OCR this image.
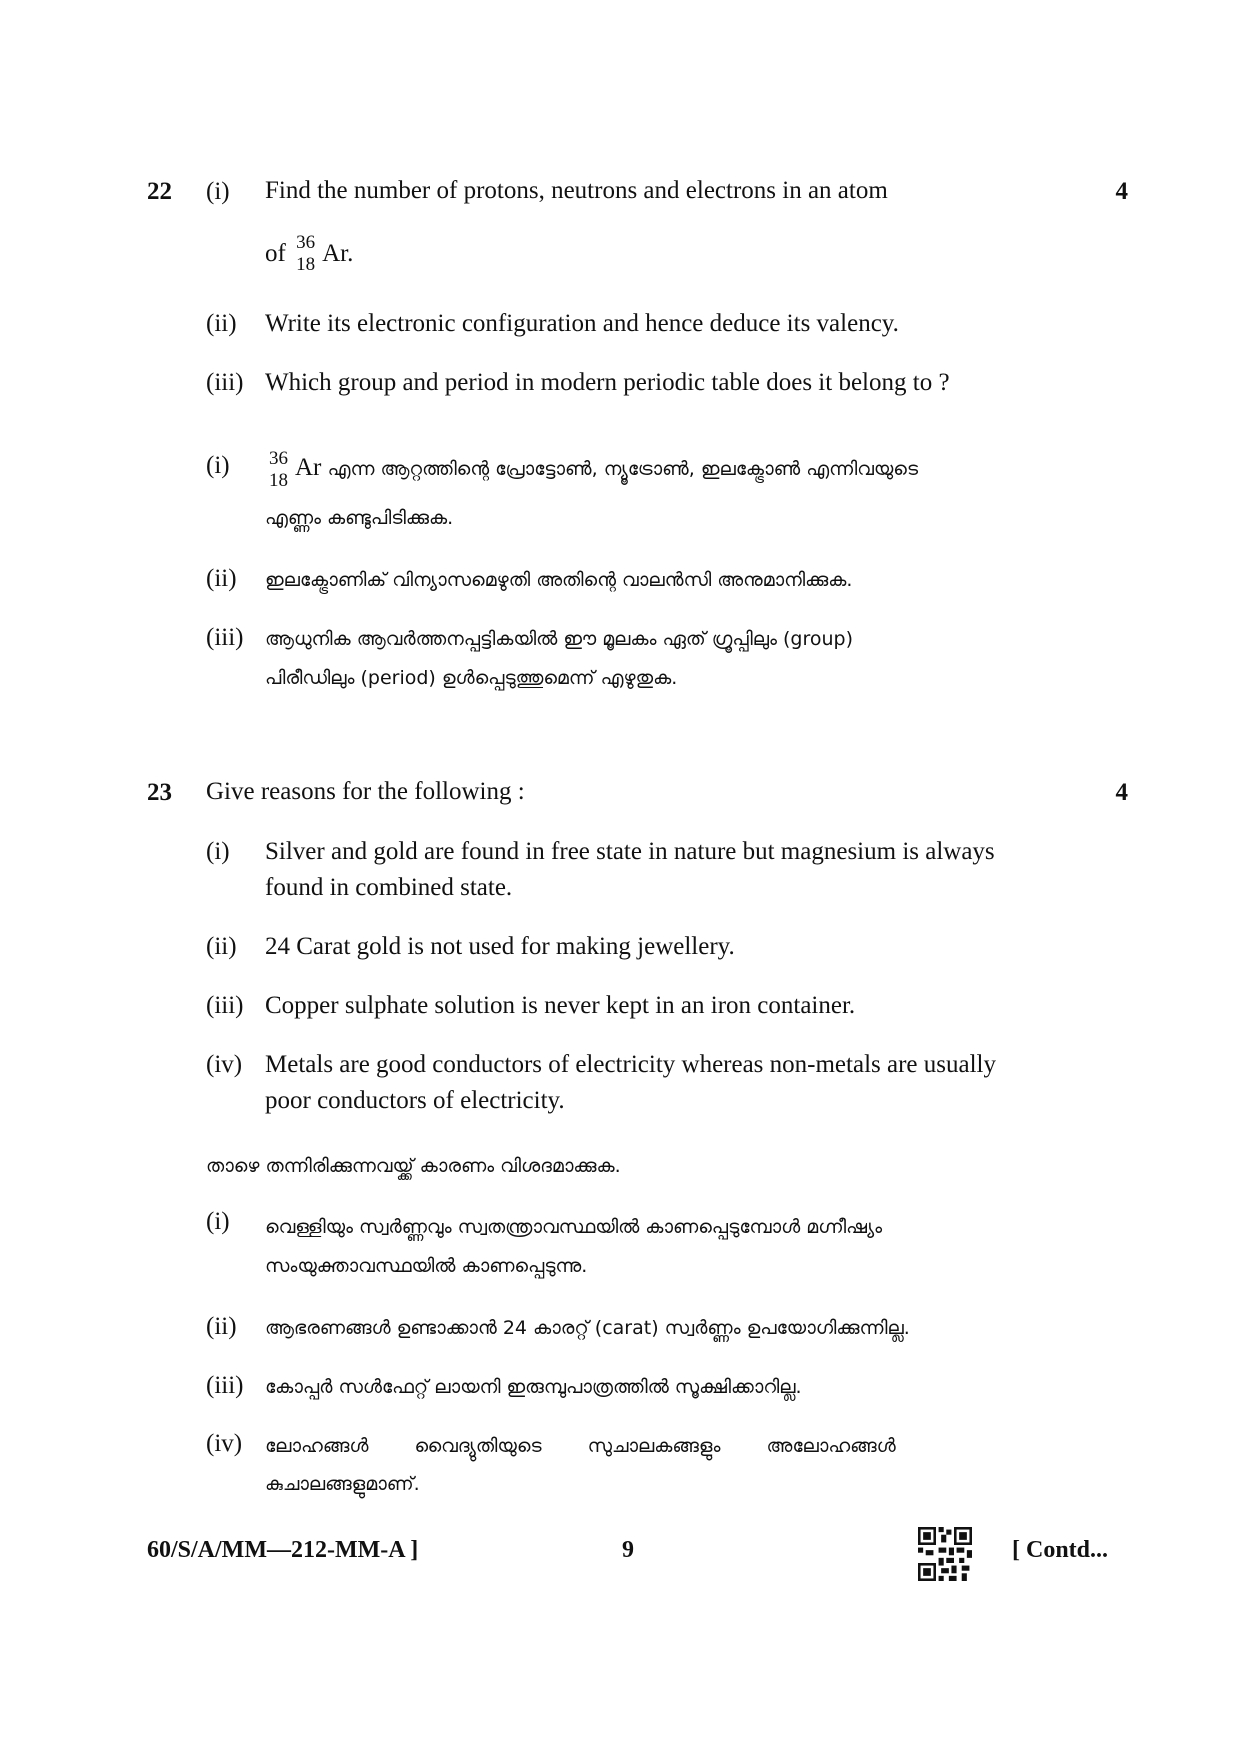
22	4
(i) Find the number of protons, neutrons and electrons in an atom
of 36
18 Ar.
(ii) Write its electronic configuration and hence deduce its valency.
(iii) Which group and period in modern periodic table does it belong to ?
(i) 36
18 Ar എന്ന ആറ്റത്തിന്റെ പ്രോട്ടോൺ, ന്യൂട്രോൺ, ഇലക്ട്രോൺ എന്നിവയുടെ
എണ്ണം കണ്ടുപിടിക്കുക.
(ii) ഇലക്ട്രോണിക് വിന്യാസമെഴുതി അതിന്റെ വാലൻസി അനുമാനിക്കുക.
(iii) ആധുനിക ആവർത്തനപ്പട്ടികയിൽ ഈ മൂലകം ഏത് ഗ്രൂപ്പിലും (group)
പിരീഡിലും (period) ഉൾപ്പെടുത്തുമെന്ന് എഴുതുക.
23	4
Give reasons for the following :
(i) Silver and gold are found in free state in nature but magnesium is always
found in combined state.
(ii) 24 Carat gold is not used for making jewellery.
(iii) Copper sulphate solution is never kept in an iron container.
(iv) Metals are good conductors of electricity whereas non-metals are usually
poor conductors of electricity.
താഴെ തന്നിരിക്കുന്നവയ്ക്ക് കാരണം വിശദമാക്കുക.
(i) വെള്ളിയും സ്വർണ്ണവും സ്വതന്ത്രാവസ്ഥയിൽ കാണപ്പെടുമ്പോൾ മഗ്നീഷ്യം
സംയുക്താവസ്ഥയിൽ കാണപ്പെടുന്നു.
(ii) ആഭരണങ്ങൾ ഉണ്ടാക്കാൻ 24 കാരറ്റ് (carat) സ്വർണ്ണം ഉപയോഗിക്കുന്നില്ല.
(iii) കോപ്പർ സൾഫേറ്റ് ലായനി ഇരുമ്പുപാത്രത്തിൽ സൂക്ഷിക്കാറില്ല.
(iv) ലോഹങ്ങൾ വൈദ്യുതിയുടെ സുചാലകങ്ങളും അലോഹങ്ങൾ
കുചാലങ്ങളുമാണ്.
60/S/A/MM—212-MM-A ]	9	[ Contd...
